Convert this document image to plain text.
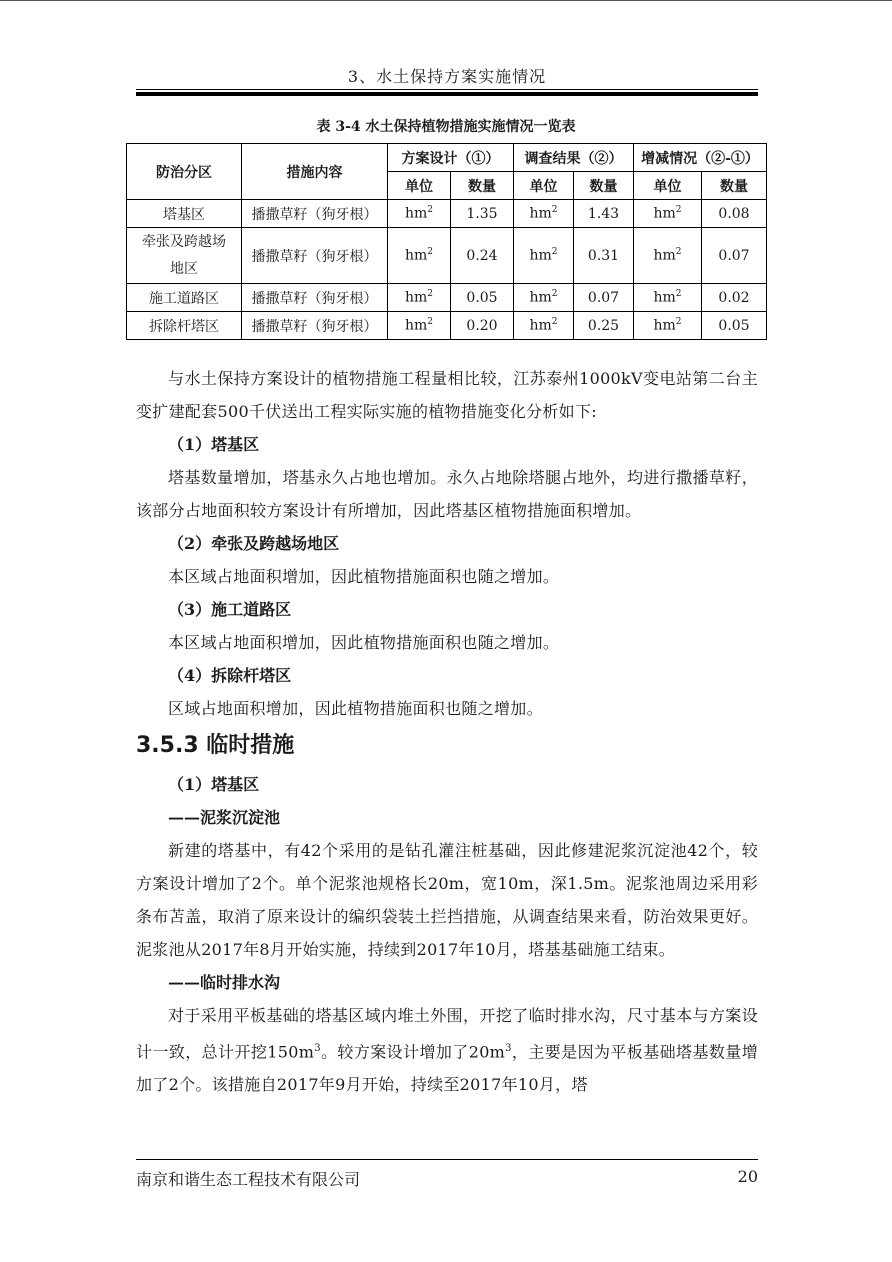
3、水土保持方案实施情况
表 3-4 水土保持植物措施实施情况一览表
防治分区	措施内容	方案设计（①）		调查结果（②）		增减情况（②-①）	
		单位	数量	单位	数量	单位	数量
塔基区	播撒草籽（狗牙根）	$hm^2$	1.35	$hm^2$	1.43	$hm^2$	0.08
牵张及跨越场地区	播撒草籽（狗牙根）	$hm^2$	0.24	$hm^2$	0.31	$hm^2$	0.07
施工道路区	播撒草籽（狗牙根）	$hm^2$	0.05	$hm^2$	0.07	$hm^2$	0.02
拆除杆塔区	播撒草籽（狗牙根）	$hm^2$	0.20	$hm^2$	0.25	$hm^2$	0.05

与水土保持方案设计的植物措施工程量相比较，江苏泰州1000kV变电站第二台主变扩建配套500千伏送出工程实际实施的植物措施变化分析如下:

（1）塔基区

塔基数量增加，塔基永久占地也增加。永久占地除塔腿占地外，均进行撒播草籽，该部分占地面积较方案设计有所增加，因此塔基区植物措施面积增加。

（2）牵张及跨越场地区

本区域占地面积增加，因此植物措施面积也随之增加。

（3）施工道路区

本区域占地面积增加，因此植物措施面积也随之增加。

（4）拆除杆塔区

区域占地面积增加，因此植物措施面积也随之增加。

3.5.3 临时措施

（1）塔基区

——泥浆沉淀池

新建的塔基中，有42个采用的是钻孔灌注桩基础，因此修建泥浆沉淀池42个，较方案设计增加了2个。单个泥浆池规格长20m，宽10m，深1.5m。泥浆池周边采用彩条布苫盖，取消了原来设计的编织袋装土拦挡措施，从调查结果来看，防治效果更好。泥浆池从2017年8月开始实施，持续到2017年10月，塔基基础施工结束。

——临时排水沟

对于采用平板基础的塔基区域内堆土外围，开挖了临时排水沟，尺寸基本与方案设计一致，总计开挖$150m^3$。较方案设计增加了$20m^3$，主要是因为平板基础塔基数量增加了2个。该措施自2017年9月开始，持续至2017年10月，塔

南京和谐生态工程技术有限公司	20
